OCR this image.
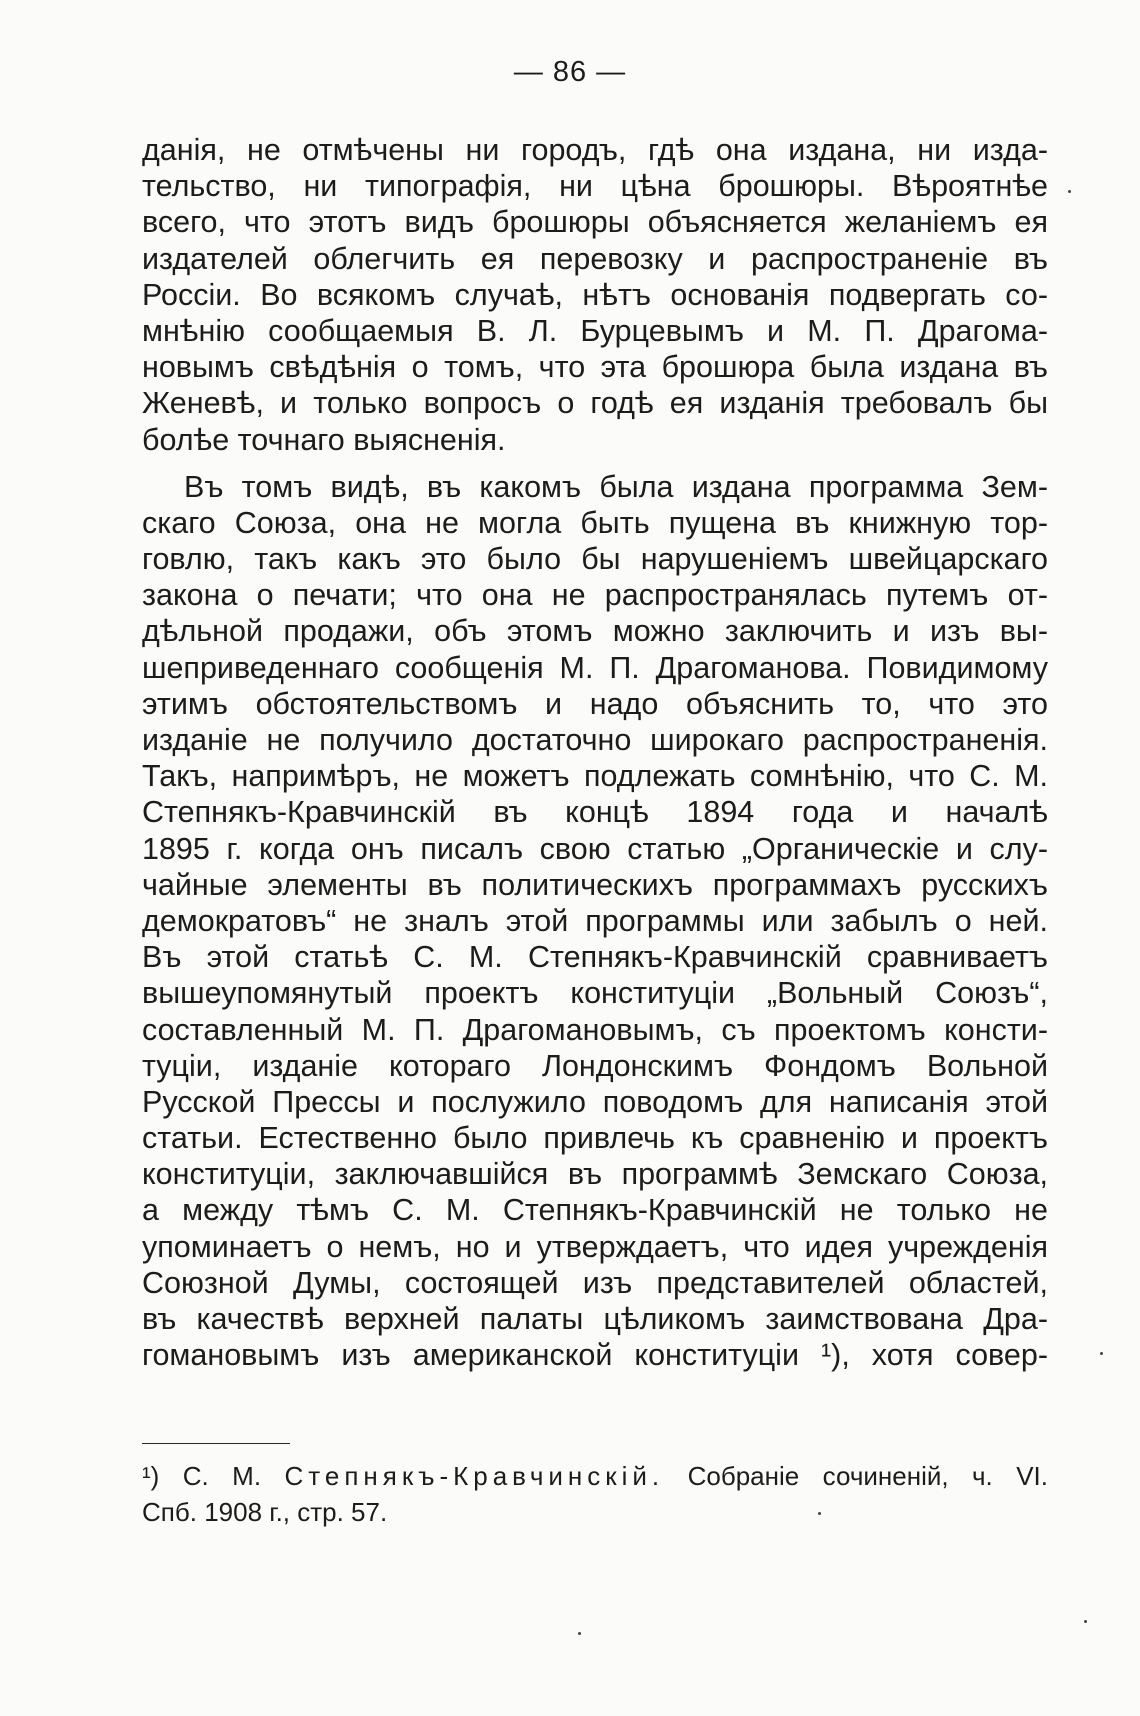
— 86 —
данія, не отмѣчены ни городъ, гдѣ она издана, ни изда-
тельство, ни типографія, ни цѣна брошюры. Вѣроятнѣе
всего, что этотъ видъ брошюры объясняется желаніемъ ея
издателей облегчить ея перевозку и распространеніе въ
Россіи. Во всякомъ случаѣ, нѣтъ основанія подвергать со-
мнѣнію сообщаемыя В. Л. Бурцевымъ и М. П. Драгома-
новымъ свѣдѣнія о томъ, что эта брошюра была издана въ
Женевѣ, и только вопросъ о годѣ ея изданія требовалъ бы
болѣе точнаго выясненія.
Въ томъ видѣ, въ какомъ была издана программа Зем-
скаго Союза, она не могла быть пущена въ книжную тор-
говлю, такъ какъ это было бы нарушеніемъ швейцарскаго
закона о печати; что она не распространялась путемъ от-
дѣльной продажи, объ этомъ можно заключить и изъ вы-
шеприведеннаго сообщенія М. П. Драгоманова. Повидимому
этимъ обстоятельствомъ и надо объяснить то, что это
изданіе не получило достаточно широкаго распространенія.
Такъ, напримѣръ, не можетъ подлежать сомнѣнію, что С. М.
Степнякъ-Кравчинскій въ концѣ 1894 года и началѣ
1895 г. когда онъ писалъ свою статью „Органическіе и слу-
чайные элементы въ политическихъ программахъ русскихъ
демократовъ“ не зналъ этой программы или забылъ о ней.
Въ этой статьѣ С. М. Степнякъ-Кравчинскій сравниваетъ
вышеупомянутый проектъ конституціи „Вольный Союзъ“,
составленный М. П. Драгомановымъ, съ проектомъ консти-
туціи, изданіе котораго Лондонскимъ Фондомъ Вольной
Русской Прессы и послужило поводомъ для написанія этой
статьи. Естественно было привлечь къ сравненію и проектъ
конституціи, заключавшійся въ программѣ Земскаго Союза,
а между тѣмъ С. М. Степнякъ-Кравчинскій не только не
упоминаетъ о немъ, но и утверждаетъ, что идея учрежденія
Союзной Думы, состоящей изъ представителей областей,
въ качествѣ верхней палаты цѣликомъ заимствована Дра-
гомановымъ изъ американской конституціи ¹), хотя совер-
¹) С. М. Степнякъ-Кравчинскій. Собраніе сочиненій, ч. VI.
Спб. 1908 г., стр. 57.
